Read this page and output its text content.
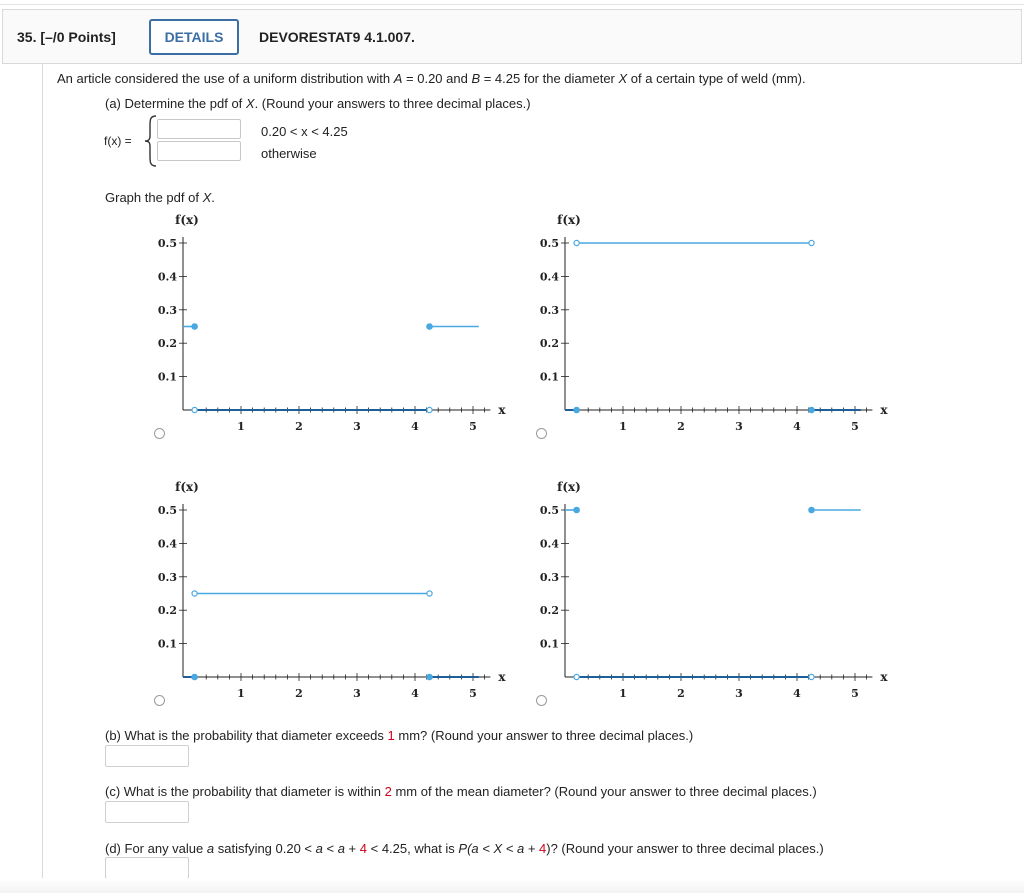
35. [–/0 Points]	DETAILS	DEVORESTAT9 4.1.007.
An article considered the use of a uniform distribution with A = 0.20 and B = 4.25 for the diameter X of a certain type of weld (mm).
(a) Determine the pdf of X. (Round your answers to three decimal places.)
f(x) =
0.20 < x < 4.25
otherwise
Graph the pdf of X.
1	2	3	4	5
0.1
0.2
0.3
0.4
0.5
f(x)
x
1	2	3	4	5
0.1
0.2
0.3
0.4
0.5
f(x)
x
1	2	3	4	5
0.1
0.2
0.3
0.4
0.5
f(x)
x
1	2	3	4	5
0.1
0.2
0.3
0.4
0.5
f(x)
x
(b) What is the probability that diameter exceeds 1 mm? (Round your answer to three decimal places.)
(c) What is the probability that diameter is within 2 mm of the mean diameter? (Round your answer to three decimal places.)
(d) For any value a satisfying 0.20 < a < a + 4 < 4.25, what is P(a < X < a + 4)? (Round your answer to three decimal places.)
